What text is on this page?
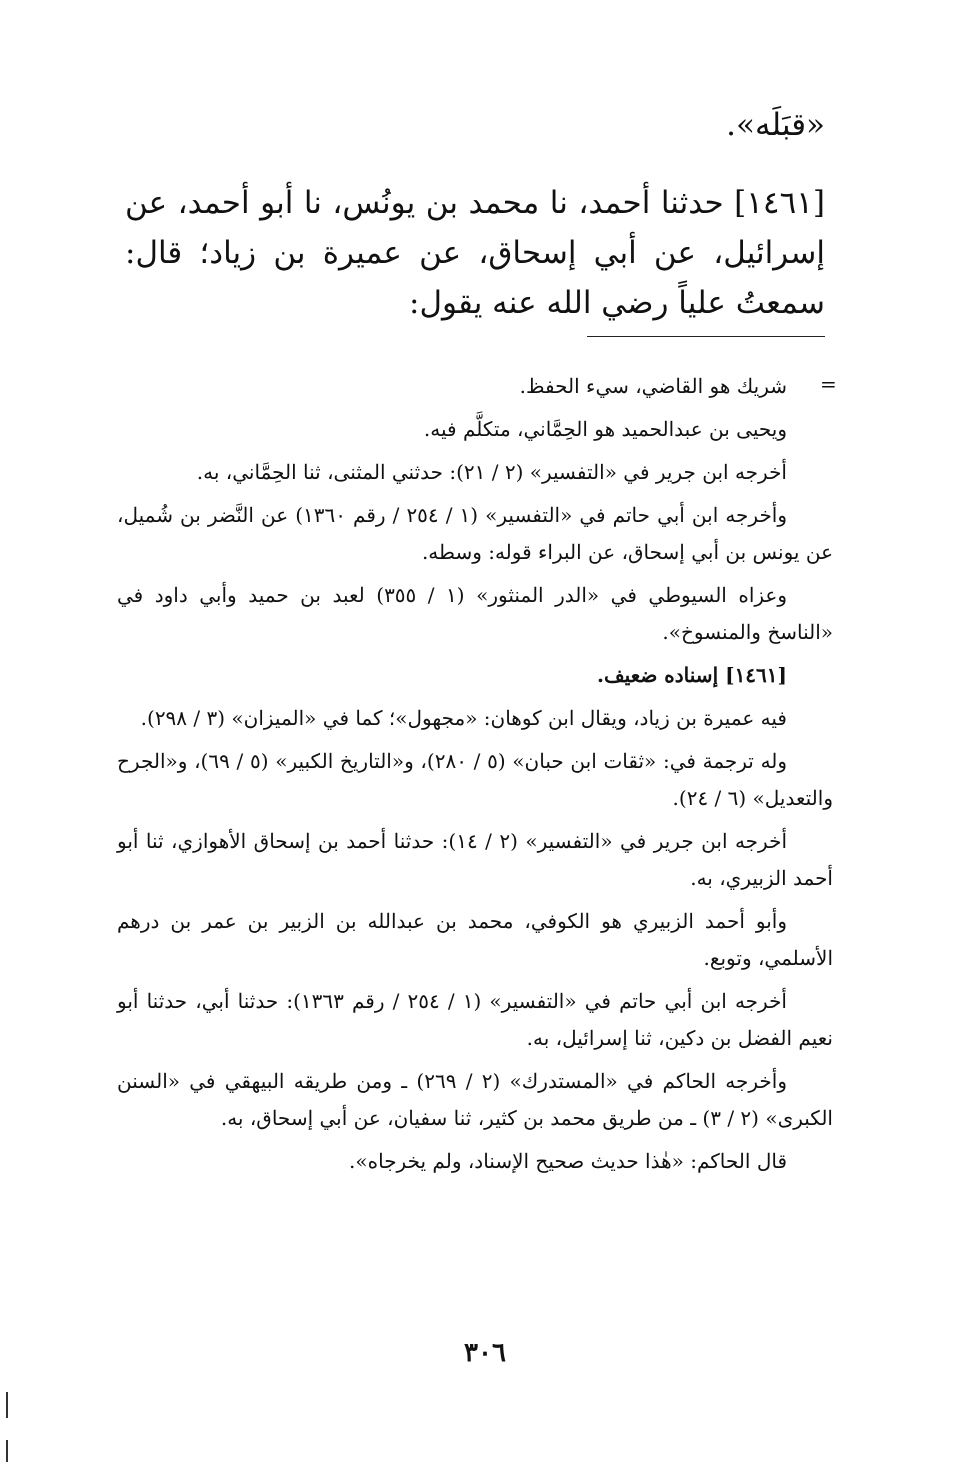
«قبَلَه».
[١٤٦١] حدثنا أحمد، نا محمد بن يونُس، نا أبو أحمد، عن إسرائيل، عن أبي إسحاق، عن عميرة بن زياد؛ قال: سمعتُ علياً رضي الله عنه يقول:
=

شريك هو القاضي، سيء الحفظ.

ويحيى بن عبدالحميد هو الحِمَّاني، متكلَّم فيه.

أخرجه ابن جرير في «التفسير» (٢ / ٢١): حدثني المثنى، ثنا الحِمَّاني، به.

وأخرجه ابن أبي حاتم في «التفسير» (١ / ٢٥٤ / رقم ١٣٦٠) عن النَّضر بن شُميل، عن يونس بن أبي إسحاق، عن البراء قوله: وسطه.

وعزاه السيوطي في «الدر المنثور» (١ / ٣٥٥) لعبد بن حميد وأبي داود في «الناسخ والمنسوخ».

[١٤٦١] إسناده ضعيف.

فيه عميرة بن زياد، ويقال ابن كوهان: «مجهول»؛ كما في «الميزان» (٣ / ٢٩٨).

وله ترجمة في: «ثقات ابن حبان» (٥ / ٢٨٠)، و«التاريخ الكبير» (٥ / ٦٩)، و«الجرح والتعديل» (٦ / ٢٤).

أخرجه ابن جرير في «التفسير» (٢ / ١٤): حدثنا أحمد بن إسحاق الأهوازي، ثنا أبو أحمد الزبيري، به.

وأبو أحمد الزبيري هو الكوفي، محمد بن عبدالله بن الزبير بن عمر بن درهم الأسلمي، وتوبع.

أخرجه ابن أبي حاتم في «التفسير» (١ / ٢٥٤ / رقم ١٣٦٣): حدثنا أبي، حدثنا أبو نعيم الفضل بن دكين، ثنا إسرائيل، به.

وأخرجه الحاكم في «المستدرك» (٢ / ٢٦٩) ـ ومن طريقه البيهقي في «السنن الكبرى» (٢ / ٣) ـ من طريق محمد بن كثير، ثنا سفيان، عن أبي إسحاق، به.

قال الحاكم: «هٰذا حديث صحيح الإسناد، ولم يخرجاه».

٣٠٦
